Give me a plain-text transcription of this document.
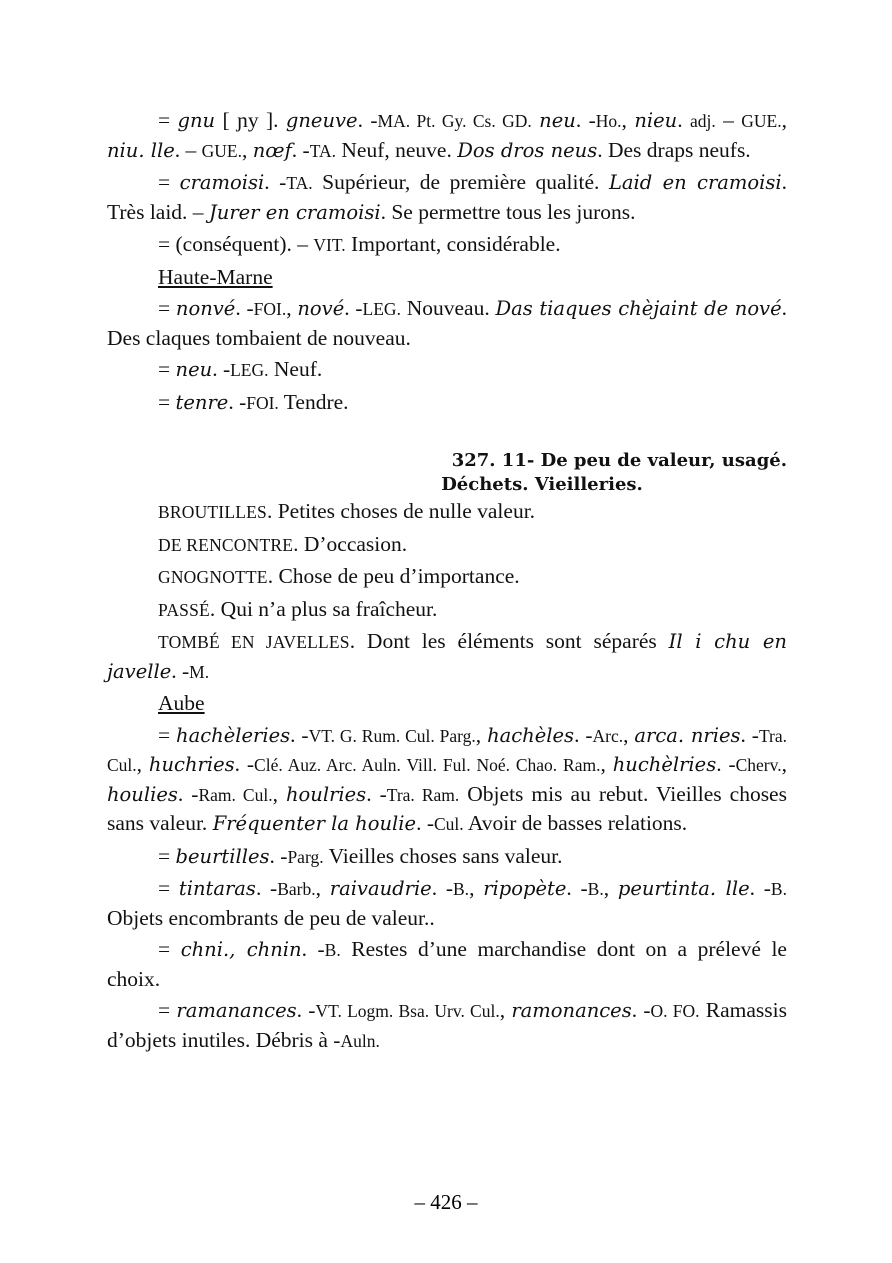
= gnu [ ɲy ]. gneuve. -MA. Pt. Gy. Cs. GD. neu. -Ho., nieu. adj. – GUE., niu. lle. – GUE., nœf. -TA. Neuf, neuve. Dos dros neus. Des draps neufs.

= cramoisi. -TA. Supérieur, de première qualité. Laid en cramoisi. Très laid. – Jurer en cramoisi. Se permettre tous les jurons.

= (conséquent). – VIT. Important, considérable.

Haute-Marne

= nonvé. -FOI., nové. -LEG. Nouveau. Das tiaques chèjaint de nové. Des claques tombaient de nouveau.

= neu. -LEG. Neuf.

= tenre. -FOI. Tendre.

327. 11- De peu de valeur, usagé.
Déchets. Vieilleries.

BROUTILLES. Petites choses de nulle valeur.

DE RENCONTRE. D’occasion.

GNOGNOTTE. Chose de peu d’importance.

PASSÉ. Qui n’a plus sa fraîcheur.

TOMBÉ EN JAVELLES. Dont les éléments sont séparés Il i chu en javelle. -M.

Aube

= hachèleries. -VT. G. Rum. Cul. Parg., hachèles. -Arc., arca. nries. -Tra. Cul., huchries. -Clé. Auz. Arc. Auln. Vill. Ful. Noé. Chao. Ram., huchèlries. -Cherv., houlies. -Ram. Cul., houlries. -Tra. Ram. Objets mis au rebut. Vieilles choses sans valeur. Fréquenter la houlie. -Cul. Avoir de basses relations.

= beurtilles. -Parg. Vieilles choses sans valeur.

= tintaras. -Barb., raivaudrie. -B., ripopète. -B., peurtinta. lle. -B. Objets encombrants de peu de valeur..

= chni., chnin. -B. Restes d’une marchandise dont on a prélevé le choix.

= ramanances. -VT. Logm. Bsa. Urv. Cul., ramonances. -O. FO. Ramassis d’objets inutiles. Débris à -Auln.

– 426 –
